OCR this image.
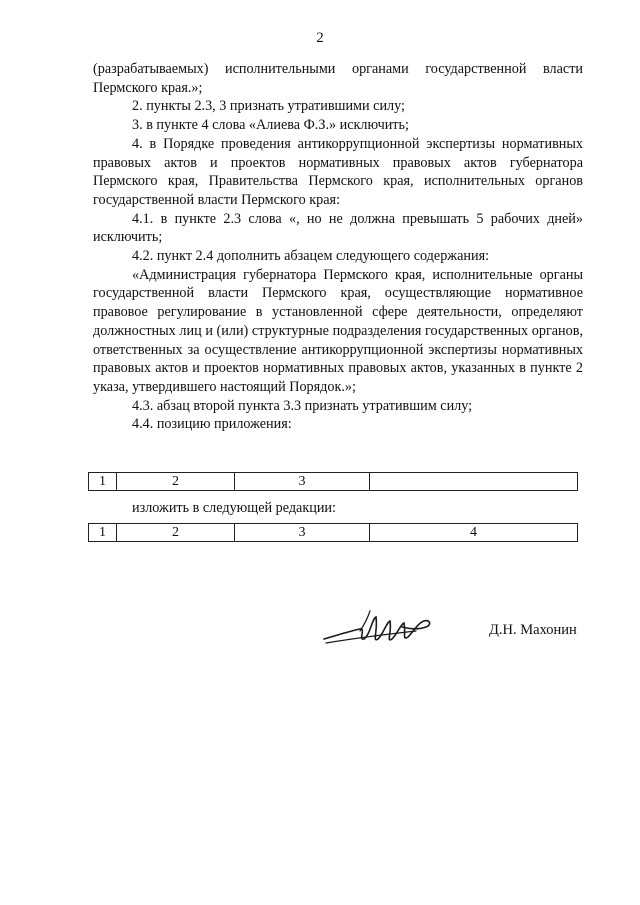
2

(разрабатываемых) исполнительными органами государственной власти Пермского края.»;

2. пункты 2.3, 3 признать утратившими силу;

3. в пункте 4 слова «Алиева Ф.З.» исключить;

4. в Порядке проведения антикоррупционной экспертизы нормативных правовых актов и проектов нормативных правовых актов губернатора Пермского края, Правительства Пермского края, исполнительных органов государственной власти Пермского края:

4.1. в пункте 2.3 слова «, но не должна превышать 5 рабочих дней» исключить;

4.2. пункт 2.4 дополнить абзацем следующего содержания:

«Администрация губернатора Пермского края, исполнительные органы государственной власти Пермского края, осуществляющие нормативное правовое регулирование в установленной сфере деятельности, определяют должностных лиц и (или) структурные подразделения государственных органов, ответственных за осуществление антикоррупционной экспертизы нормативных правовых актов и проектов нормативных правовых актов, указанных в пункте 2 указа, утвердившего настоящий Порядок.»;

4.3. абзац второй пункта 3.3 признать утратившим силу;

4.4. позицию приложения:

1	2	3	
изложить в следующей редакции:
1	2	3	4
Д.Н. Махонин
